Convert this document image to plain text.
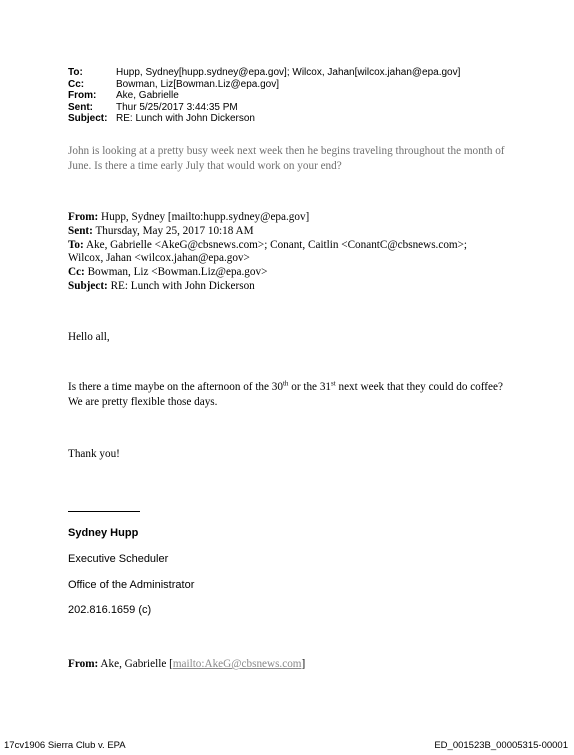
To:	Hupp, Sydney[hupp.sydney@epa.gov]; Wilcox, Jahan[wilcox.jahan@epa.gov]
Cc:	Bowman, Liz[Bowman.Liz@epa.gov]
From:	Ake, Gabrielle
Sent:	Thur 5/25/2017 3:44:35 PM
Subject: RE: Lunch with John Dickerson
John is looking at a pretty busy week next week then he begins traveling throughout the month of June. Is there a time early July that would work on your end?
From: Hupp, Sydney [mailto:hupp.sydney@epa.gov]
Sent: Thursday, May 25, 2017 10:18 AM
To: Ake, Gabrielle <AkeG@cbsnews.com>; Conant, Caitlin <ConantC@cbsnews.com>;
Wilcox, Jahan <wilcox.jahan@epa.gov>
Cc: Bowman, Liz <Bowman.Liz@epa.gov>
Subject: RE: Lunch with John Dickerson
Hello all,
Is there a time maybe on the afternoon of the 30th or the 31st next week that they could do coffee? We are pretty flexible those days.
Thank you!
Sydney Hupp
Executive Scheduler
Office of the Administrator
202.816.1659 (c)
From: Ake, Gabrielle [mailto:AkeG@cbsnews.com]
17cv1906 Sierra Club v. EPA	ED_001523B_00005315-00001
